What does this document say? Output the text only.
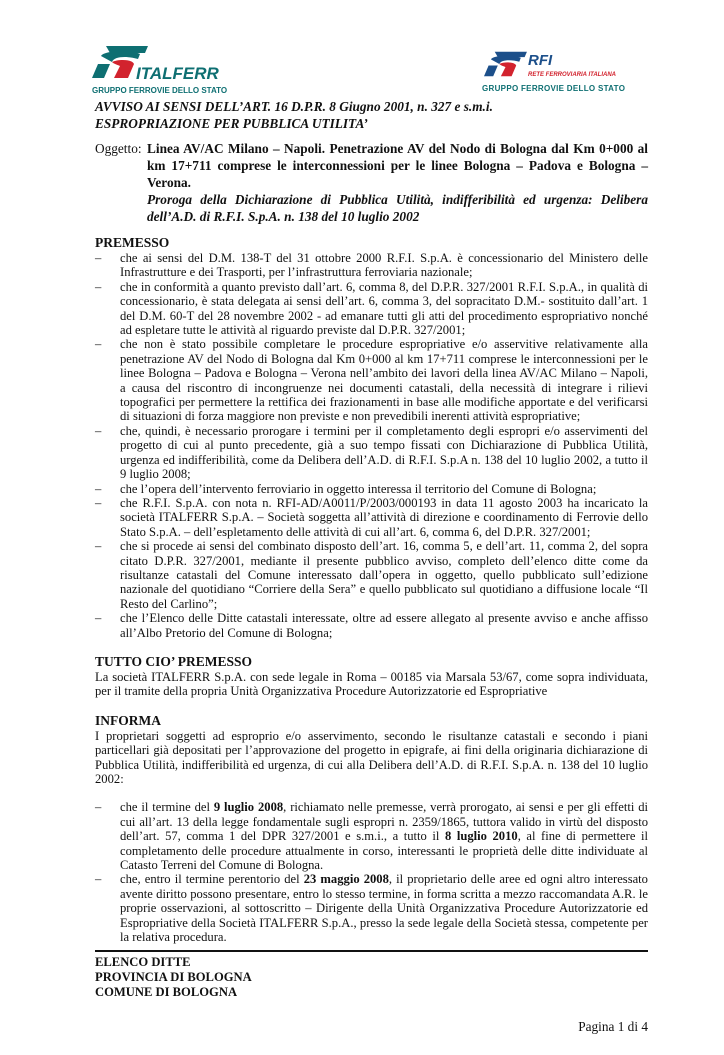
ITALFERR
GRUPPO FERROVIE DELLO STATO
RFI
RETE FERROVIARIA ITALIANA
GRUPPO FERROVIE DELLO STATO
AVVISO AI SENSI DELL’ART. 16 D.P.R. 8 Giugno 2001, n. 327 e s.m.i.
ESPROPRIAZIONE PER PUBBLICA UTILITA’
Oggetto: Linea AV/AC Milano – Napoli. Penetrazione AV del Nodo di Bologna dal Km 0+000 al km 17+711 comprese le interconnessioni per le linee Bologna – Padova e Bologna – Verona.
Proroga della Dichiarazione di Pubblica Utilità, indifferibilità ed urgenza: Delibera dell’A.D. di R.F.I. S.p.A. n. 138 del 10 luglio 2002
PREMESSO
– che ai sensi del D.M. 138-T del 31 ottobre 2000 R.F.I. S.p.A. è concessionario del Ministero delle Infrastrutture e dei Trasporti, per l’infrastruttura ferroviaria nazionale;
– che in conformità a quanto previsto dall’art. 6, comma 8, del D.P.R. 327/2001 R.F.I. S.p.A., in qualità di concessionario, è stata delegata ai sensi dell’art. 6, comma 3, del sopracitato D.M.- sostituito dall’art. 1 del D.M. 60-T del 28 novembre 2002 - ad emanare tutti gli atti del procedimento espropriativo nonché ad espletare tutte le attività al riguardo previste dal D.P.R. 327/2001;
– che non è stato possibile completare le procedure espropriative e/o asservitive relativamente alla penetrazione AV del Nodo di Bologna dal Km 0+000 al km 17+711 comprese le interconnessioni per le linee Bologna – Padova e Bologna – Verona nell’ambito dei lavori della linea AV/AC Milano – Napoli, a causa del riscontro di incongruenze nei documenti catastali, della necessità di integrare i rilievi topografici per permettere la rettifica dei frazionamenti in base alle modifiche apportate e del verificarsi di situazioni di forza maggiore non previste e non prevedibili inerenti attività espropriative;
– che, quindi, è necessario prorogare i termini per il completamento degli espropri e/o asservimenti del progetto di cui al punto precedente, già a suo tempo fissati con Dichiarazione di Pubblica Utilità, urgenza ed indifferibilità, come da Delibera dell’A.D. di R.F.I. S.p.A n. 138 del 10 luglio 2002, a tutto il 9 luglio 2008;
– che l’opera dell’intervento ferroviario in oggetto interessa il territorio del Comune di Bologna;
– che R.F.I. S.p.A. con nota n. RFI-AD/A0011/P/2003/000193 in data 11 agosto 2003 ha incaricato la società ITALFERR S.p.A. – Società soggetta all’attività di direzione e coordinamento di Ferrovie dello Stato S.p.A. – dell’espletamento delle attività di cui all’art. 6, comma 6, del D.P.R. 327/2001;
– che si procede ai sensi del combinato disposto dell’art. 16, comma 5, e dell’art. 11, comma 2, del sopra citato D.P.R. 327/2001, mediante il presente pubblico avviso, completo dell’elenco ditte come da risultanze catastali del Comune interessato dall’opera in oggetto, quello pubblicato sull’edizione nazionale del quotidiano “Corriere della Sera” e quello pubblicato sul quotidiano a diffusione locale “Il Resto del Carlino”;
– che l’Elenco delle Ditte catastali interessate, oltre ad essere allegato al presente avviso e anche affisso all’Albo Pretorio del Comune di Bologna;
TUTTO CIO’ PREMESSO

La società ITALFERR S.p.A. con sede legale in Roma – 00185 via Marsala 53/67, come sopra individuata, per il tramite della propria Unità Organizzativa Procedure Autorizzatorie ed Espropriative

INFORMA

I proprietari soggetti ad esproprio e/o asservimento, secondo le risultanze catastali e secondo i piani particellari già depositati per l’approvazione del progetto in epigrafe, ai fini della originaria dichiarazione di Pubblica Utilità, indifferibilità ed urgenza, di cui alla Delibera dell’A.D. di R.F.I. S.p.A. n. 138 del 10 luglio 2002:

– che il termine del 9 luglio 2008, richiamato nelle premesse, verrà prorogato, ai sensi e per gli effetti di cui all’art. 13 della legge fondamentale sugli espropri n. 2359/1865, tuttora valido in virtù del disposto dell’art. 57, comma 1 del DPR 327/2001 e s.m.i., a tutto il 8 luglio 2010, al fine di permettere il completamento delle procedure attualmente in corso, interessanti le proprietà delle ditte individuate al Catasto Terreni del Comune di Bologna.
– che, entro il termine perentorio del 23 maggio 2008, il proprietario delle aree ed ogni altro interessato avente diritto possono presentare, entro lo stesso termine, in forma scritta a mezzo raccomandata A.R. le proprie osservazioni, al sottoscritto – Dirigente della Unità Organizzativa Procedure Autorizzatorie ed Espropriative della Società ITALFERR S.p.A., presso la sede legale della Società stessa, competente per la relativa procedura.
ELENCO DITTE
PROVINCIA DI BOLOGNA
COMUNE DI BOLOGNA
Pagina 1 di 4
